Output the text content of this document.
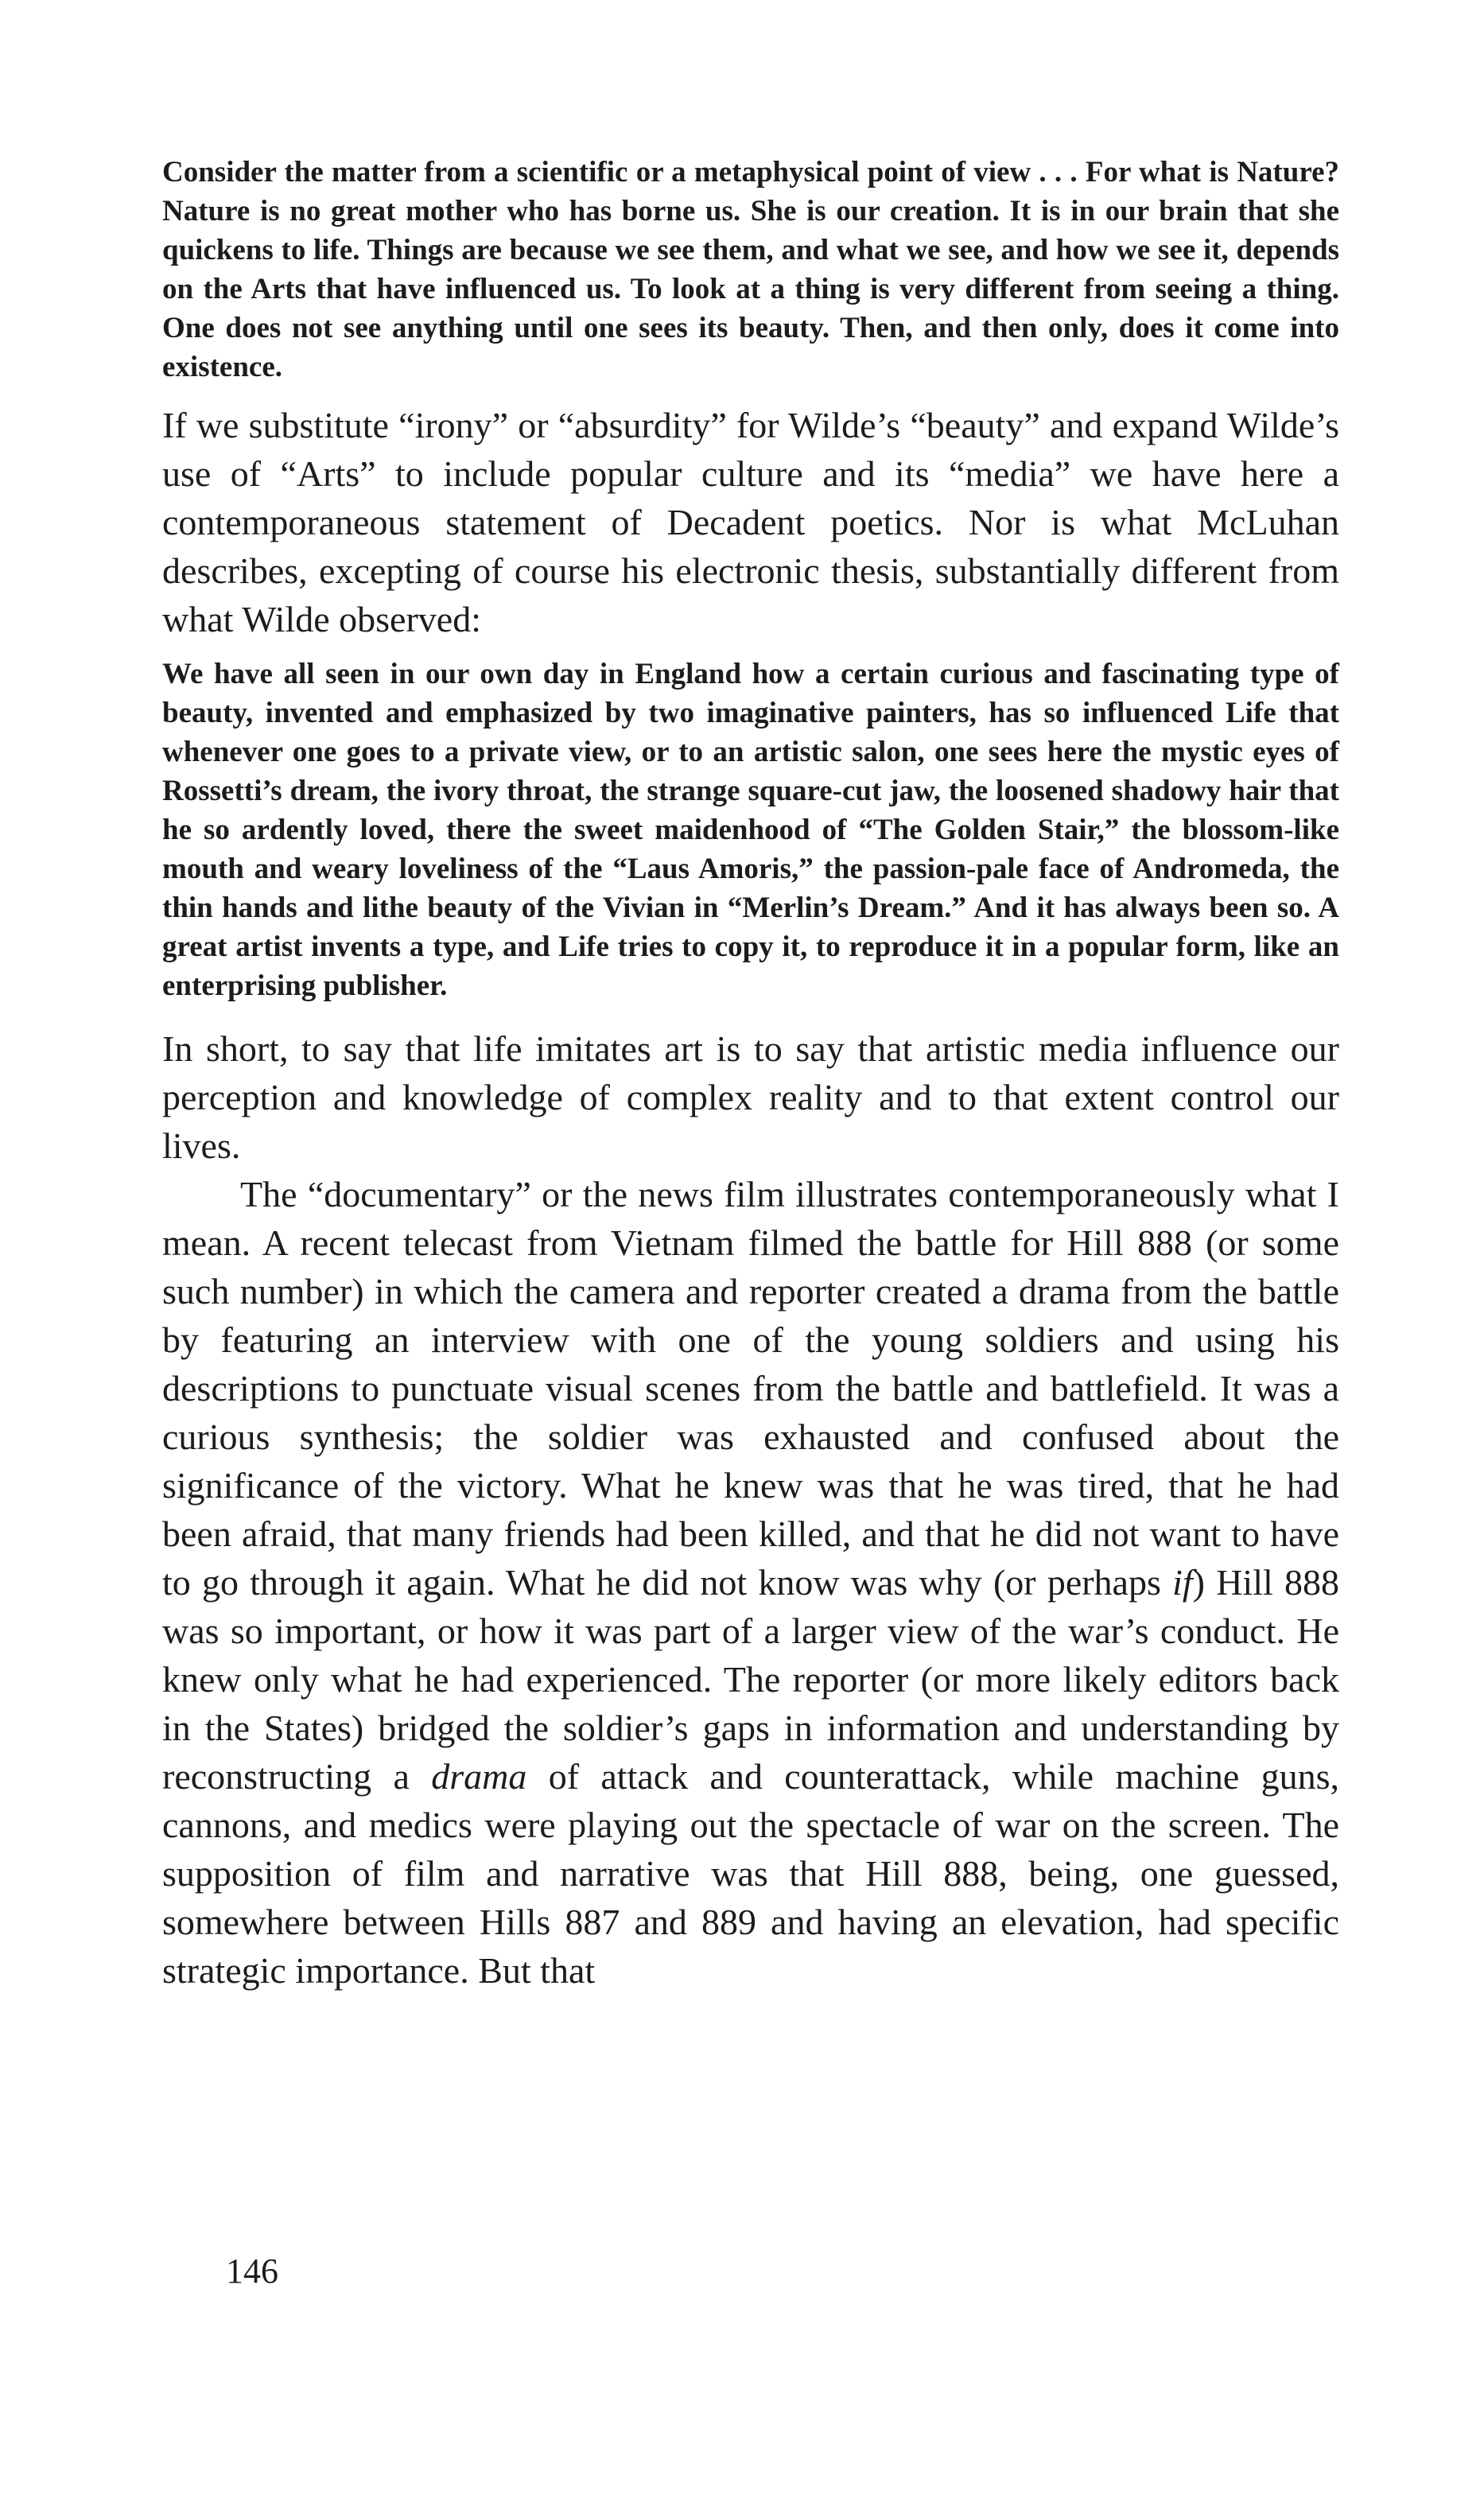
Consider the matter from a scientific or a metaphysical point of view . . . For what is Nature? Nature is no great mother who has borne us. She is our creation. It is in our brain that she quickens to life. Things are because we see them, and what we see, and how we see it, depends on the Arts that have influenced us. To look at a thing is very different from seeing a thing. One does not see anything until one sees its beauty. Then, and then only, does it come into existence.

If we substitute “irony” or “absurdity” for Wilde’s “beauty” and expand Wilde’s use of “Arts” to include popular culture and its “media” we have here a contemporaneous statement of Decadent poetics. Nor is what McLuhan describes, excepting of course his electronic thesis, substantially different from what Wilde observed:

We have all seen in our own day in England how a certain curious and fascinating type of beauty, invented and emphasized by two imaginative painters, has so influenced Life that whenever one goes to a private view, or to an artistic salon, one sees here the mystic eyes of Rossetti’s dream, the ivory throat, the strange square-cut jaw, the loosened shadowy hair that he so ardently loved, there the sweet maidenhood of “The Golden Stair,” the blossom-like mouth and weary loveliness of the “Laus Amoris,” the passion-pale face of Andromeda, the thin hands and lithe beauty of the Vivian in “Merlin’s Dream.” And it has always been so. A great artist invents a type, and Life tries to copy it, to reproduce it in a popular form, like an enterprising publisher.

In short, to say that life imitates art is to say that artistic media influence our perception and knowledge of complex reality and to that extent control our lives.

The “documentary” or the news film illustrates contemporaneously what I mean. A recent telecast from Vietnam filmed the battle for Hill 888 (or some such number) in which the camera and reporter created a drama from the battle by featuring an interview with one of the young soldiers and using his descriptions to punctuate visual scenes from the battle and battlefield. It was a curious synthesis; the soldier was exhausted and confused about the significance of the victory. What he knew was that he was tired, that he had been afraid, that many friends had been killed, and that he did not want to have to go through it again. What he did not know was why (or perhaps if) Hill 888 was so important, or how it was part of a larger view of the war’s conduct. He knew only what he had experienced. The reporter (or more likely editors back in the States) bridged the soldier’s gaps in information and understanding by reconstructing a drama of attack and counterattack, while machine guns, cannons, and medics were playing out the spectacle of war on the screen. The supposition of film and narrative was that Hill 888, being, one guessed, somewhere between Hills 887 and 889 and having an elevation, had specific strategic importance. But that

146
